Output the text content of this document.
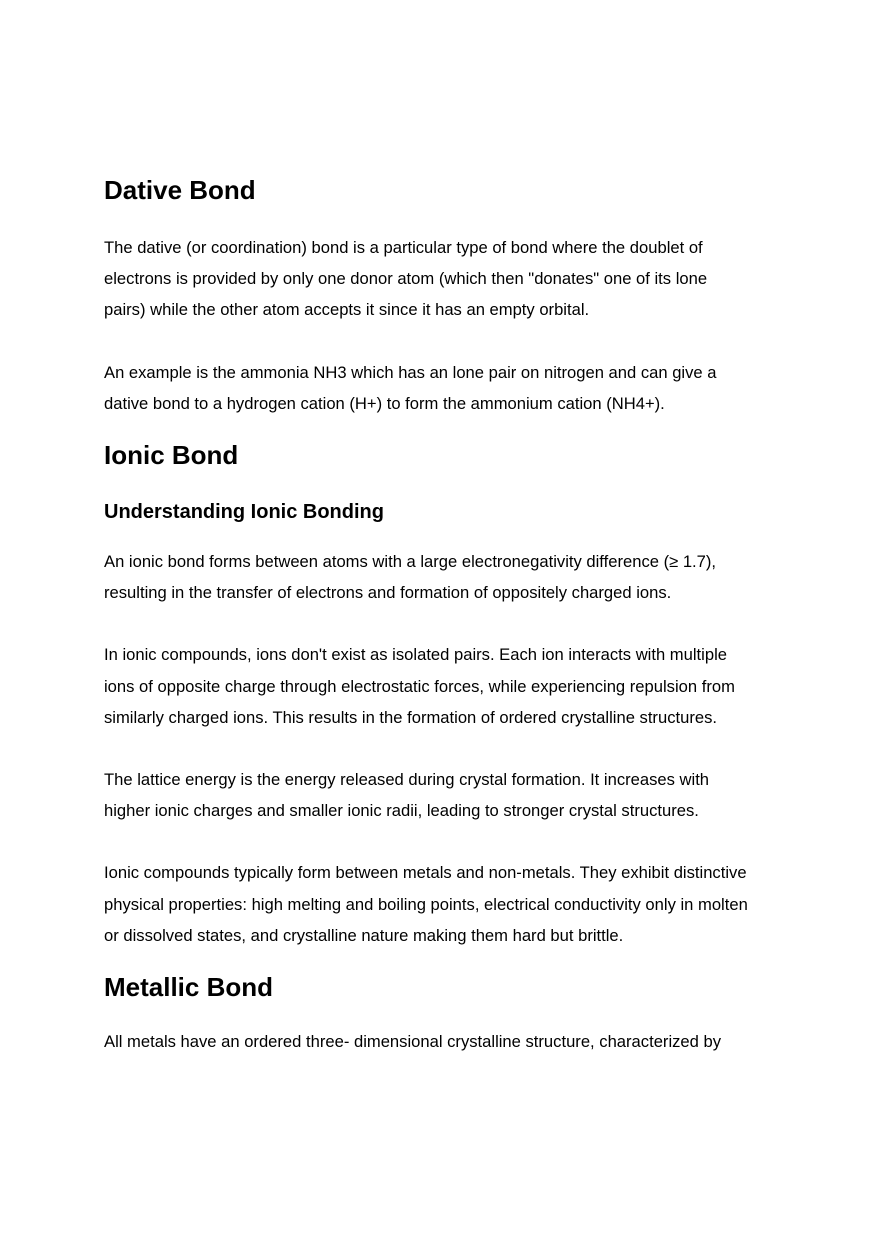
Dative Bond

The dative (or coordination) bond is a particular type of bond where the doublet of
electrons is provided by only one donor atom (which then "donates" one of its lone
pairs) while the other atom accepts it since it has an empty orbital.

An example is the ammonia NH3 which has an lone pair on nitrogen and can give a
dative bond to a hydrogen cation (H+) to form the ammonium cation (NH4+).

Ionic Bond
Understanding Ionic Bonding

An ionic bond forms between atoms with a large electronegativity difference (≥ 1.7),
resulting in the transfer of electrons and formation of oppositely charged ions.

In ionic compounds, ions don't exist as isolated pairs. Each ion interacts with multiple
ions of opposite charge through electrostatic forces, while experiencing repulsion from
similarly charged ions. This results in the formation of ordered crystalline structures.

The lattice energy is the energy released during crystal formation. It increases with
higher ionic charges and smaller ionic radii, leading to stronger crystal structures.

Ionic compounds typically form between metals and non-metals. They exhibit distinctive
physical properties: high melting and boiling points, electrical conductivity only in molten
or dissolved states, and crystalline nature making them hard but brittle.

Metallic Bond

All metals have an ordered three- dimensional crystalline structure, characterized by
